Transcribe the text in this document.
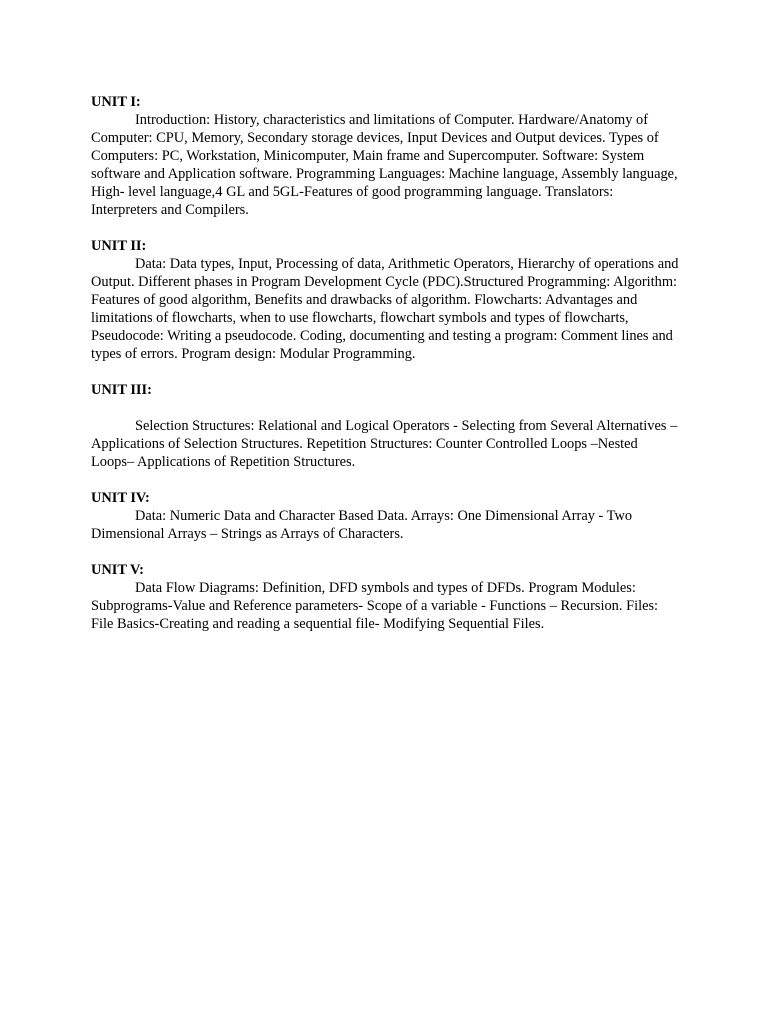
UNIT I:

Introduction: History, characteristics and limitations of Computer. Hardware/Anatomy of Computer: CPU, Memory, Secondary storage devices, Input Devices and Output devices. Types of Computers: PC, Workstation, Minicomputer, Main frame and Supercomputer. Software: System software and Application software. Programming Languages: Machine language, Assembly language, High- level language,4 GL and 5GL-Features of good programming language. Translators: Interpreters and Compilers.

UNIT II:

Data: Data types, Input, Processing of data, Arithmetic Operators, Hierarchy of operations and Output. Different phases in Program Development Cycle (PDC).Structured Programming: Algorithm: Features of good algorithm, Benefits and drawbacks of algorithm. Flowcharts: Advantages and limitations of flowcharts, when to use flowcharts, flowchart symbols and types of flowcharts, Pseudocode: Writing a pseudocode. Coding, documenting and testing a program: Comment lines and types of errors. Program design: Modular Programming.

UNIT III:

Selection Structures: Relational and Logical Operators - Selecting from Several Alternatives – Applications of Selection Structures. Repetition Structures: Counter Controlled Loops –Nested Loops– Applications of Repetition Structures.

UNIT IV:

Data: Numeric Data and Character Based Data. Arrays: One Dimensional Array - Two Dimensional Arrays – Strings as Arrays of Characters.

UNIT V:

Data Flow Diagrams: Definition, DFD symbols and types of DFDs. Program Modules: Subprograms-Value and Reference parameters- Scope of a variable - Functions – Recursion. Files: File Basics-Creating and reading a sequential file- Modifying Sequential Files.
